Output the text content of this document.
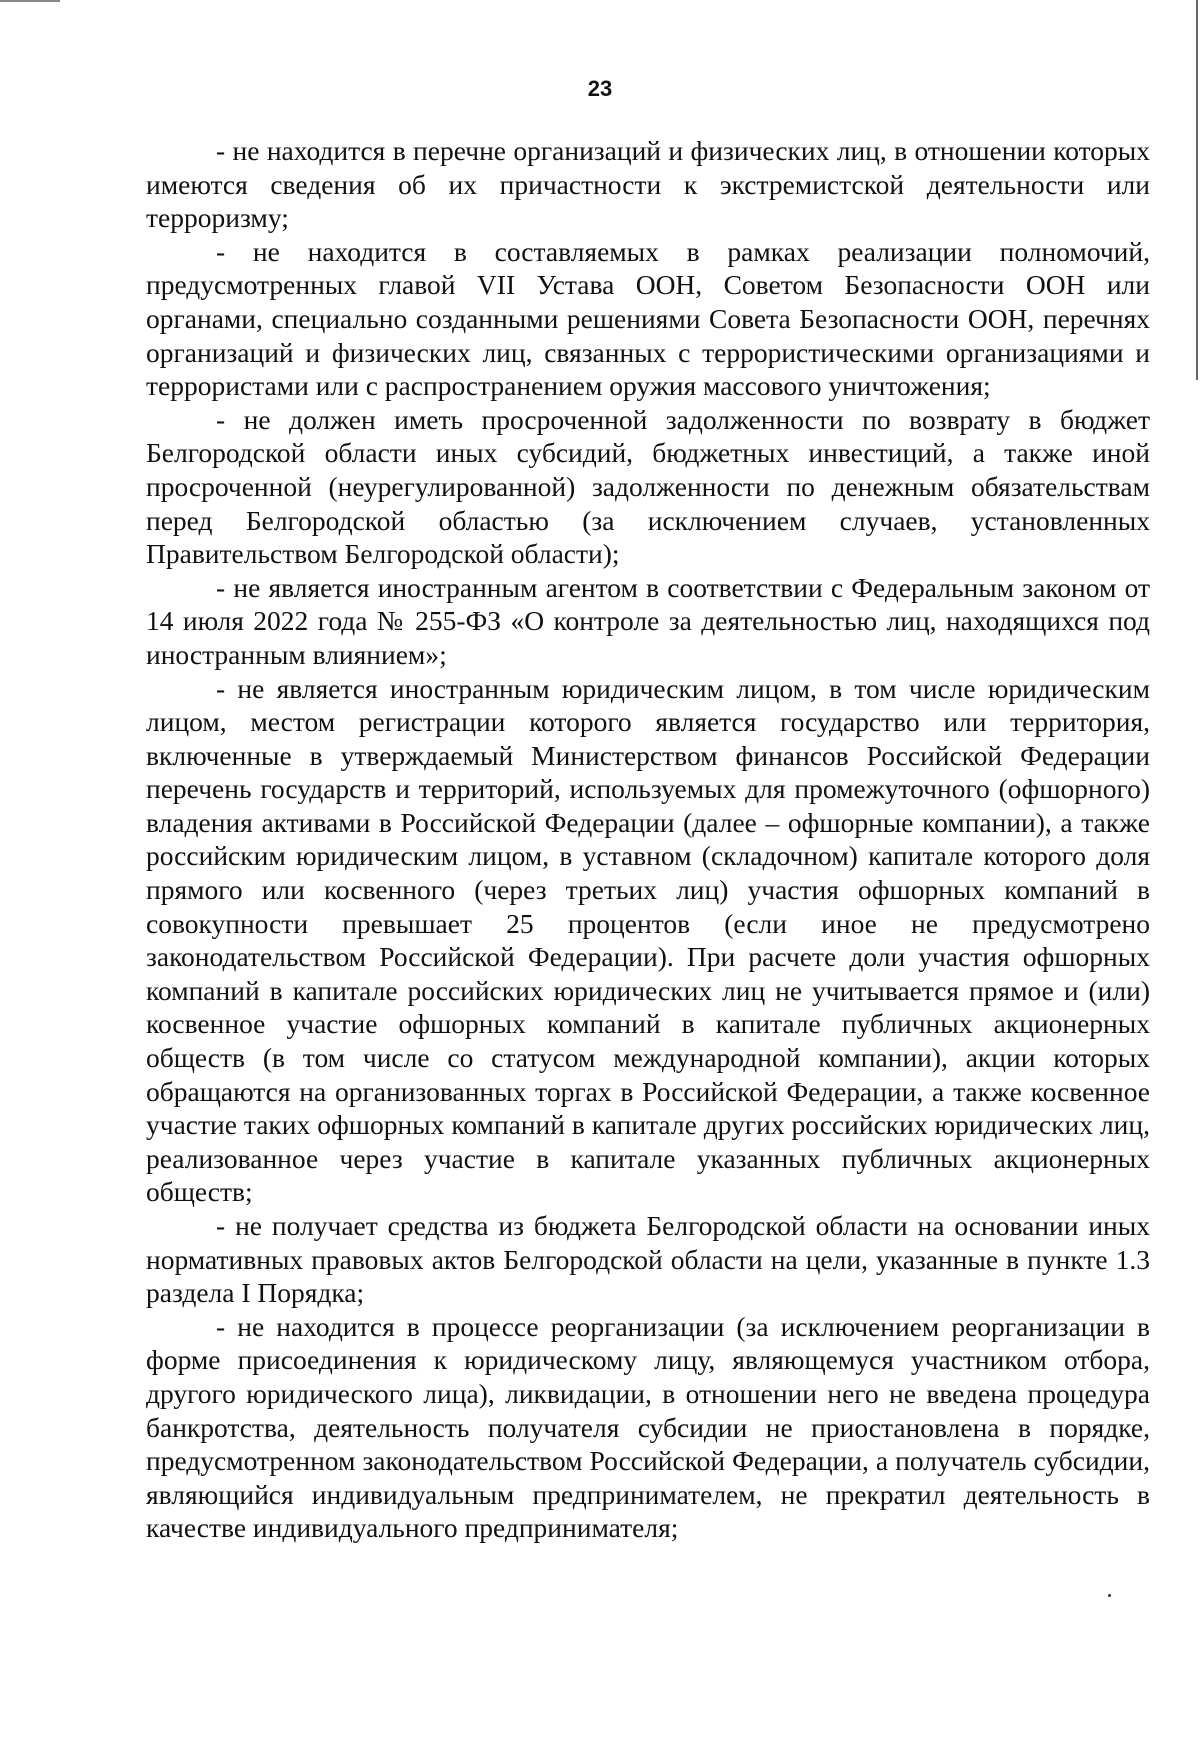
23

- не находится в перечне организаций и физических лиц, в отношении которых имеются сведения об их причастности к экстремистской деятельности или терроризму;

- не находится в составляемых в рамках реализации полномочий, предусмотренных главой VII Устава ООН, Советом Безопасности ООН или органами, специально созданными решениями Совета Безопасности ООН, перечнях организаций и физических лиц, связанных с террористическими организациями и террористами или с распространением оружия массового уничтожения;

- не должен иметь просроченной задолженности по возврату в бюджет Белгородской области иных субсидий, бюджетных инвестиций, а также иной просроченной (неурегулированной) задолженности по денежным обязательствам перед Белгородской областью (за исключением случаев, установленных Правительством Белгородской области);

- не является иностранным агентом в соответствии с Федеральным законом от 14 июля 2022 года № 255-ФЗ «О контроле за деятельностью лиц, находящихся под иностранным влиянием»;

- не является иностранным юридическим лицом, в том числе юридическим лицом, местом регистрации которого является государство или территория, включенные в утверждаемый Министерством финансов Российской Федерации перечень государств и территорий, используемых для промежуточного (офшорного) владения активами в Российской Федерации (далее – офшорные компании), а также российским юридическим лицом, в уставном (складочном) капитале которого доля прямого или косвенного (через третьих лиц) участия офшорных компаний в совокупности превышает 25 процентов (если иное не предусмотрено законодательством Российской Федерации). При расчете доли участия офшорных компаний в капитале российских юридических лиц не учитывается прямое и (или) косвенное участие офшорных компаний в капитале публичных акционерных обществ (в том числе со статусом международной компании), акции которых обращаются на организованных торгах в Российской Федерации, а также косвенное участие таких офшорных компаний в капитале других российских юридических лиц, реализованное через участие в капитале указанных публичных акционерных обществ;

- не получает средства из бюджета Белгородской области на основании иных нормативных правовых актов Белгородской области на цели, указанные в пункте 1.3 раздела I Порядка;

- не находится в процессе реорганизации (за исключением реорганизации в форме присоединения к юридическому лицу, являющемуся участником отбора, другого юридического лица), ликвидации, в отношении него не введена процедура банкротства, деятельность получателя субсидии не приостановлена в порядке, предусмотренном законодательством Российской Федерации, а получатель субсидии, являющийся индивидуальным предпринимателем, не прекратил деятельность в качестве индивидуального предпринимателя;
